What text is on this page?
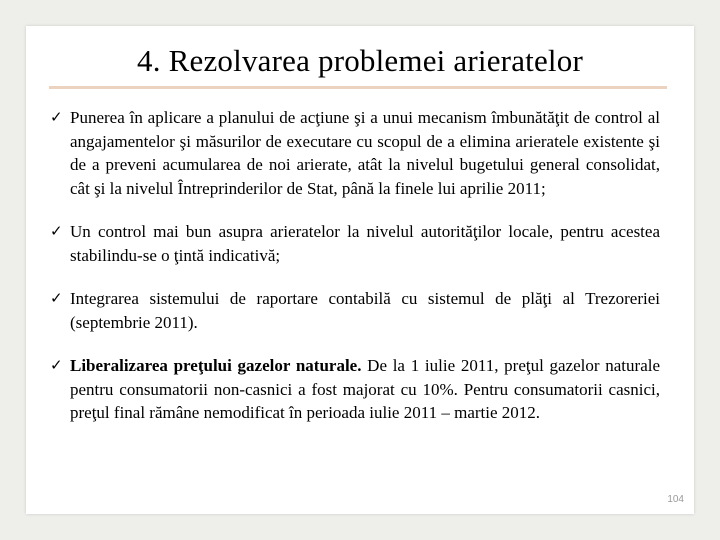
4. Rezolvarea problemei arieratelor
✓ Punerea în aplicare a planului de acţiune şi a unui mecanism îmbunătăţit de control al angajamentelor şi măsurilor de executare cu scopul de a elimina arieratele existente şi de a preveni acumularea de noi arierate, atât la nivelul bugetului general consolidat, cât şi la nivelul Întreprinderilor de Stat, până la finele lui aprilie 2011;
✓ Un control mai bun asupra arieratelor la nivelul autorităţilor locale, pentru acestea stabilindu-se o ţintă indicativă;
✓ Integrarea sistemului de raportare contabilă cu sistemul de plăţi al Trezoreriei (septembrie 2011).
✓ Liberalizarea preţului gazelor naturale. De la 1 iulie 2011, preţul gazelor naturale pentru consumatorii non-casnici a fost majorat cu 10%. Pentru consumatorii casnici, preţul final rămâne nemodificat în perioada iulie 2011 – martie 2012.
104
